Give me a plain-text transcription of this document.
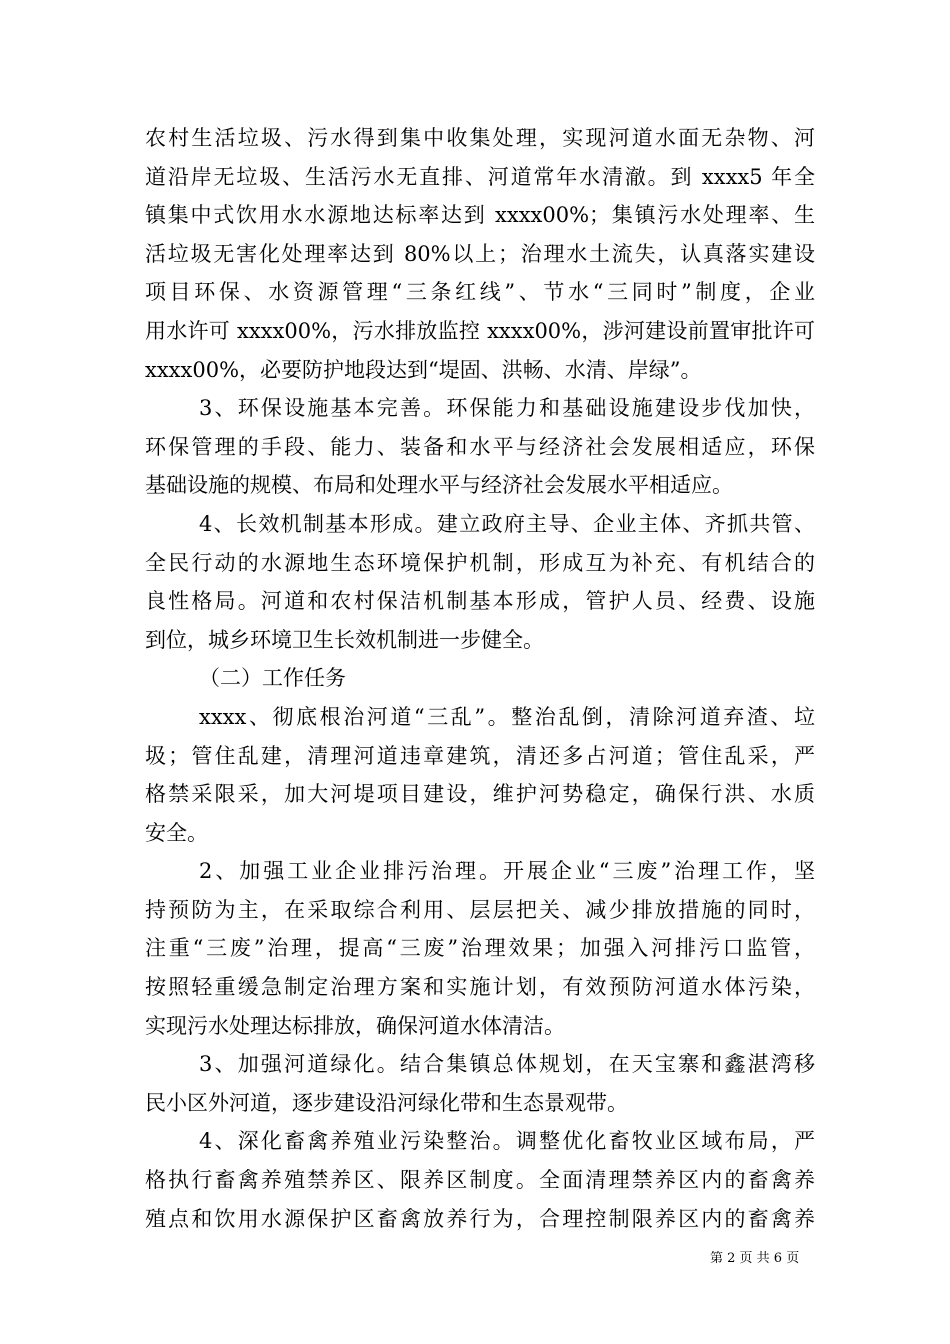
农村生活垃圾、污水得到集中收集处理，实现河道水面无杂物、河
道沿岸无垃圾、生活污水无直排、河道常年水清澈。到 xxxx5 年全
镇集中式饮用水水源地达标率达到 xxxx00%；集镇污水处理率、生
活垃圾无害化处理率达到 80%以上；治理水土流失，认真落实建设
项目环保、水资源管理“三条红线”、节水“三同时”制度，企业
用水许可 xxxx00%，污水排放监控 xxxx00%，涉河建设前置审批许可
xxxx00%，必要防护地段达到“堤固、洪畅、水清、岸绿”。
3、环保设施基本完善。环保能力和基础设施建设步伐加快，
环保管理的手段、能力、装备和水平与经济社会发展相适应，环保
基础设施的规模、布局和处理水平与经济社会发展水平相适应。
4、长效机制基本形成。建立政府主导、企业主体、齐抓共管、
全民行动的水源地生态环境保护机制，形成互为补充、有机结合的
良性格局。河道和农村保洁机制基本形成，管护人员、经费、设施
到位，城乡环境卫生长效机制进一步健全。
（二）工作任务
xxxx、彻底根治河道“三乱”。整治乱倒，清除河道弃渣、垃
圾；管住乱建，清理河道违章建筑，清还多占河道；管住乱采，严
格禁采限采，加大河堤项目建设，维护河势稳定，确保行洪、水质
安全。
2、加强工业企业排污治理。开展企业“三废”治理工作，坚
持预防为主，在采取综合利用、层层把关、减少排放措施的同时，
注重“三废”治理，提高“三废”治理效果；加强入河排污口监管，
按照轻重缓急制定治理方案和实施计划，有效预防河道水体污染，
实现污水处理达标排放，确保河道水体清洁。
3、加强河道绿化。结合集镇总体规划，在天宝寨和鑫湛湾移
民小区外河道，逐步建设沿河绿化带和生态景观带。
4、深化畜禽养殖业污染整治。调整优化畜牧业区域布局，严
格执行畜禽养殖禁养区、限养区制度。全面清理禁养区内的畜禽养
殖点和饮用水源保护区畜禽放养行为，合理控制限养区内的畜禽养
第 2 页 共 6 页
